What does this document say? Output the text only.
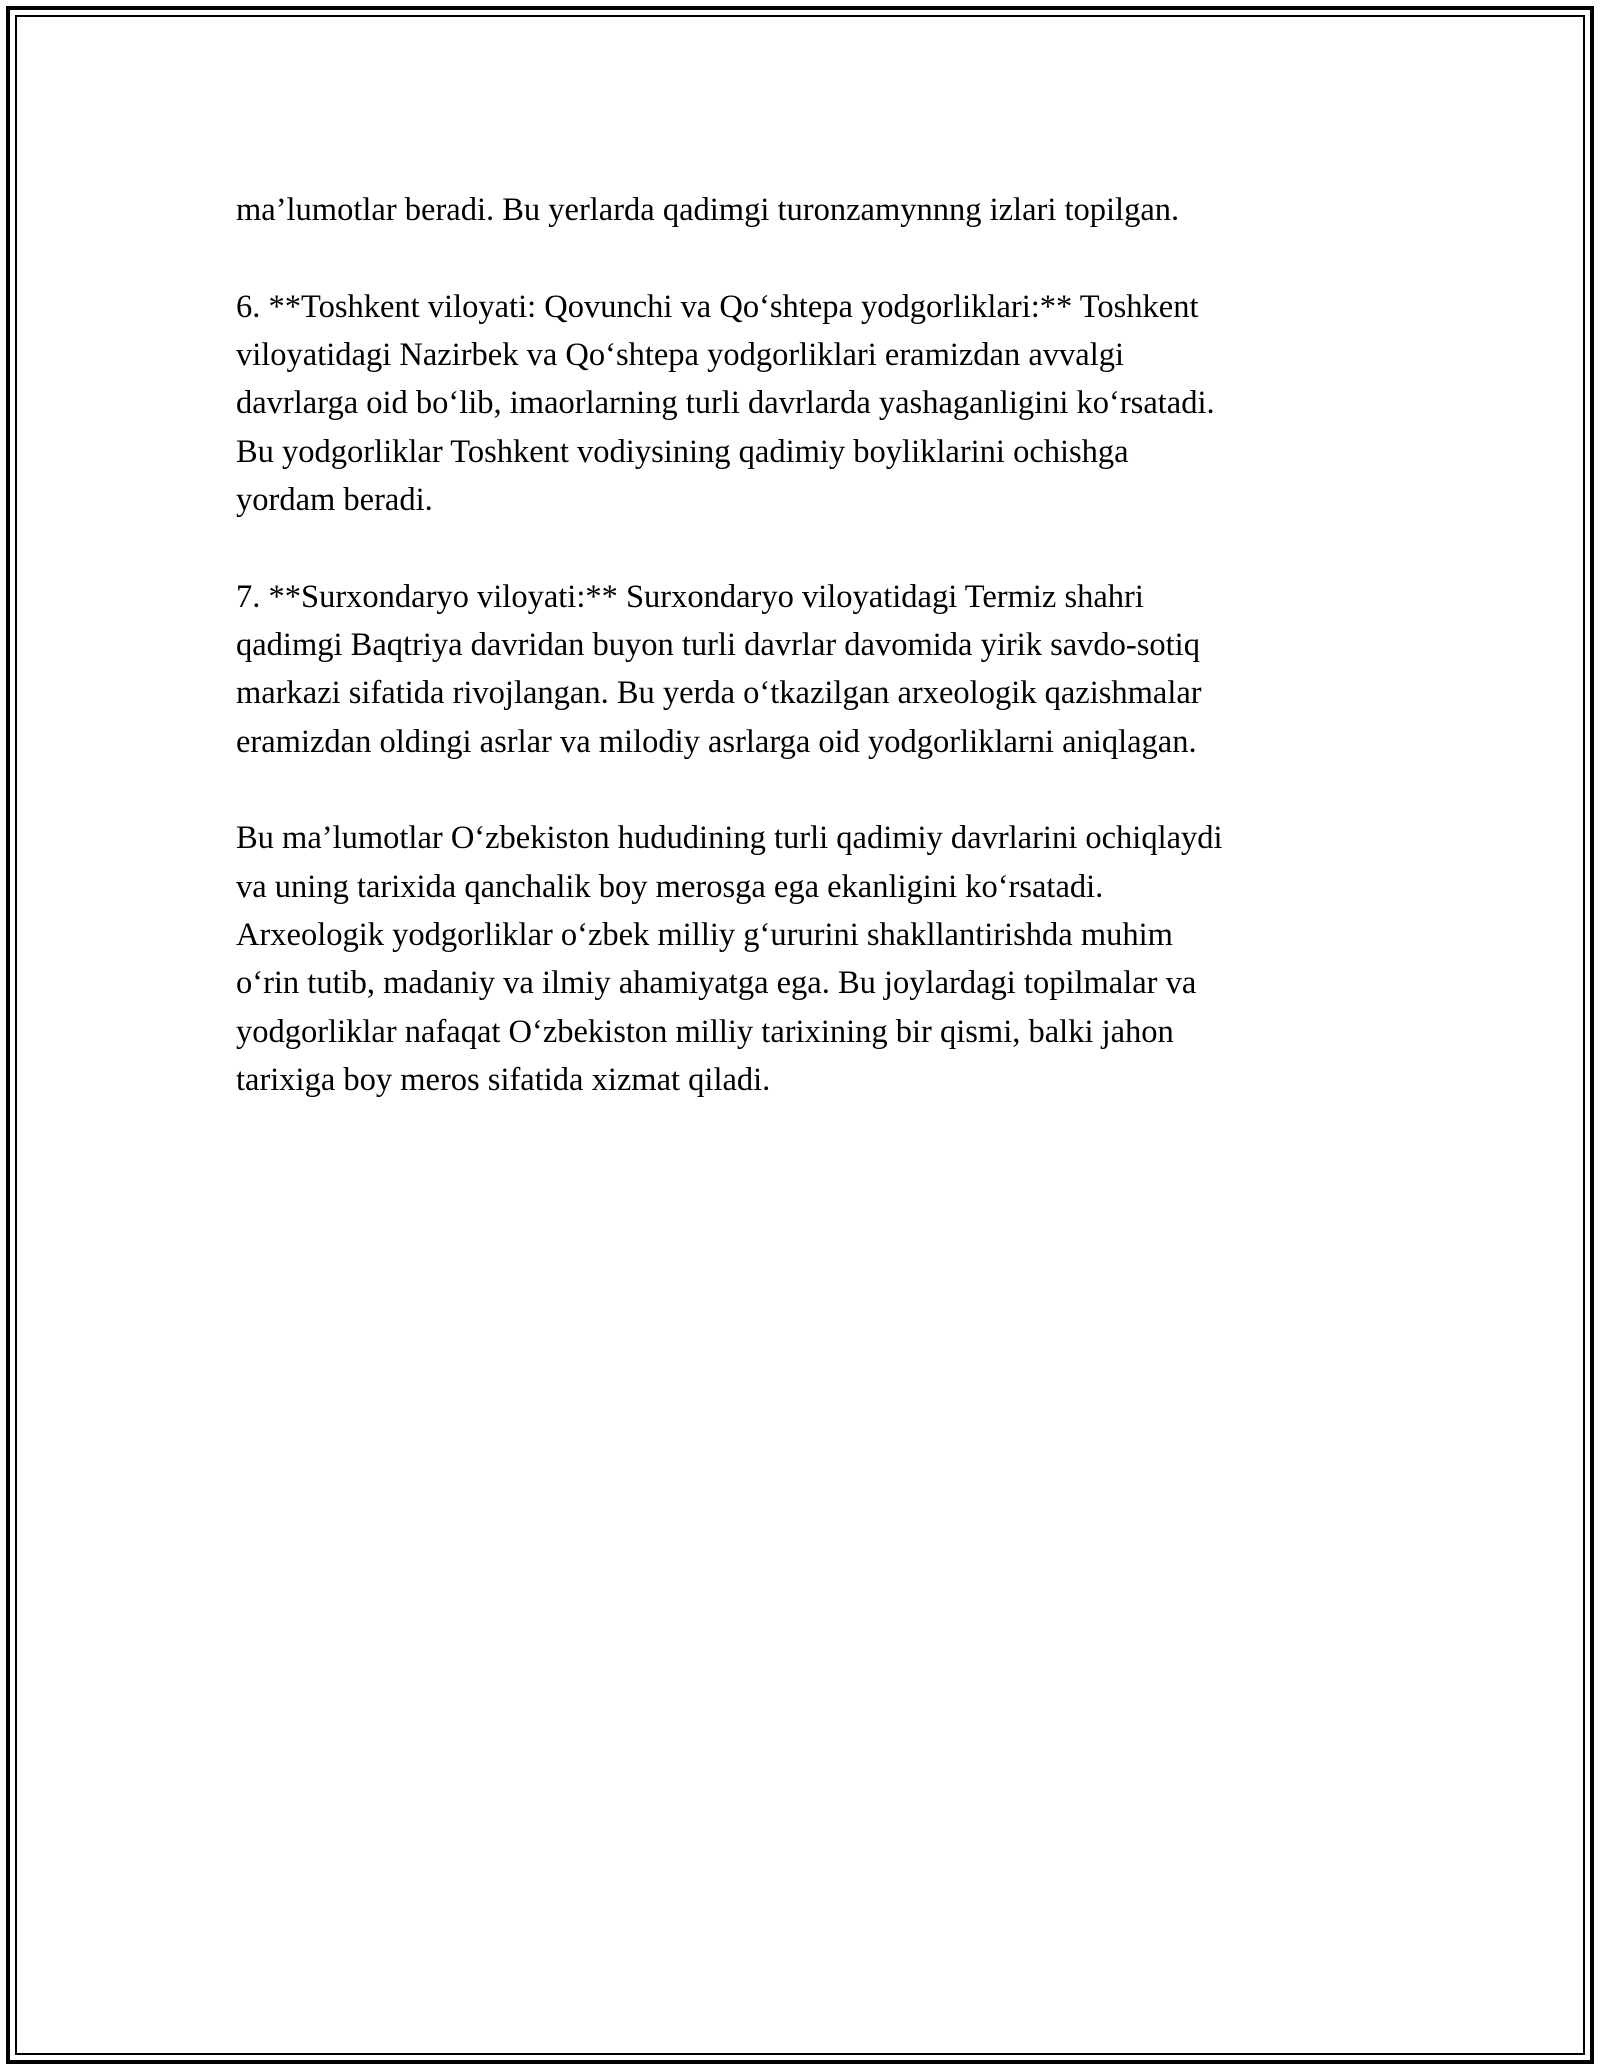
ma’lumotlar beradi. Bu yerlarda qadimgi turonzamynnng izlari topilgan.

6. **Toshkent viloyati: Qovunchi va Qo‘shtepa yodgorliklari:** Toshkent
viloyatidagi Nazirbek va Qo‘shtepa yodgorliklari eramizdan avvalgi
davrlarga oid bo‘lib, imaorlarning turli davrlarda yashaganligini ko‘rsatadi.
Bu yodgorliklar Toshkent vodiysining qadimiy boyliklarini ochishga
yordam beradi.

7. **Surxondaryo viloyati:** Surxondaryo viloyatidagi Termiz shahri
qadimgi Baqtriya davridan buyon turli davrlar davomida yirik savdo-sotiq
markazi sifatida rivojlangan. Bu yerda o‘tkazilgan arxeologik qazishmalar
eramizdan oldingi asrlar va milodiy asrlarga oid yodgorliklarni aniqlagan.

Bu ma’lumotlar O‘zbekiston hududining turli qadimiy davrlarini ochiqlaydi
va uning tarixida qanchalik boy merosga ega ekanligini ko‘rsatadi.
Arxeologik yodgorliklar o‘zbek milliy g‘ururini shakllantirishda muhim
o‘rin tutib, madaniy va ilmiy ahamiyatga ega. Bu joylardagi topilmalar va
yodgorliklar nafaqat O‘zbekiston milliy tarixining bir qismi, balki jahon
tarixiga boy meros sifatida xizmat qiladi.
